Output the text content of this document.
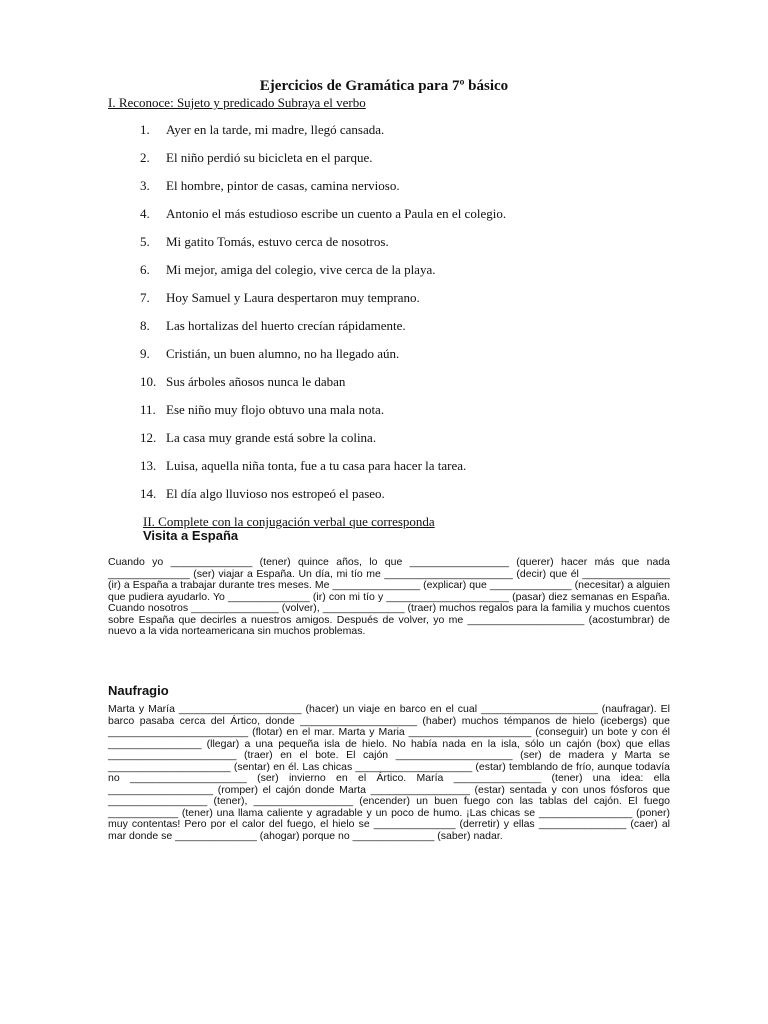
Ejercicios de Gramática para 7º básico
I. Reconoce: Sujeto y predicado Subraya el verbo
1. Ayer en la tarde, mi madre, llegó cansada.
2. El niño perdió su bicicleta en el parque.
3. El hombre, pintor de casas, camina nervioso.
4. Antonio el más estudioso escribe un cuento a Paula en el colegio.
5. Mi gatito Tomás, estuvo cerca de nosotros.
6. Mi mejor, amiga del colegio, vive cerca de la playa.
7. Hoy Samuel y Laura despertaron muy temprano.
8. Las hortalizas del huerto crecían rápidamente.
9. Cristián, un buen alumno, no ha llegado aún.
10. Sus árboles añosos nunca le daban
11. Ese niño muy flojo obtuvo una mala nota.
12. La casa muy grande está sobre la colina.
13. Luisa, aquella niña tonta, fue a tu casa para hacer la tarea.
14. El día algo lluvioso nos estropeó el paseo.
II. Complete con la conjugación verbal que corresponda
Visita a España

Cuando yo ______________ (tener) quince años, lo que _________________ (querer) hacer más que nada ______________ (ser) viajar a España. Un día, mi tío me ______________________ (decir) que él _______________ (ir) a España a trabajar durante tres meses. Me _______________ (explicar) que ______________ (necesitar) a alguien que pudiera ayudarlo. Yo ______________ (ir) con mi tío y _____________________ (pasar) diez semanas en España. Cuando nosotros _______________ (volver), ______________ (traer) muchos regalos para la familia y muchos cuentos sobre España que decirles a nuestros amigos. Después de volver, yo me ____________________ (acostumbrar) de nuevo a la vida norteamericana sin muchos problemas.

Naufragio

Marta y María _____________________ (hacer) un viaje en barco en el cual ____________________ (naufragar). El barco pasaba cerca del Ártico, donde ____________________ (haber) muchos témpanos de hielo (icebergs) que ________________________ (flotar) en el mar. Marta y Maria _____________________ (conseguir) un bote y con él ________________ (llegar) a una pequeña isla de hielo. No había nada en la isla, sólo un cajón (box) que ellas ______________________ (traer) en el bote. El cajón ____________________ (ser) de madera y Marta se _____________________ (sentar) en él. Las chicas ____________________ (estar) temblando de frío, aunque todavía no ____________________ (ser) invierno en el Ártico. María _______________ (tener) una idea: ella __________________ (romper) el cajón donde Marta _________________ (estar) sentada y con unos fósforos que _________________ (tener), _________________ (encender) un buen fuego con las tablas del cajón. El fuego ____________ (tener) una llama caliente y agradable y un poco de humo. ¡Las chicas se ________________ (poner) muy contentas! Pero por el calor del fuego, el hielo se ______________ (derretir) y ellas _______________ (caer) al mar donde se ______________ (ahogar) porque no ______________ (saber) nadar.
